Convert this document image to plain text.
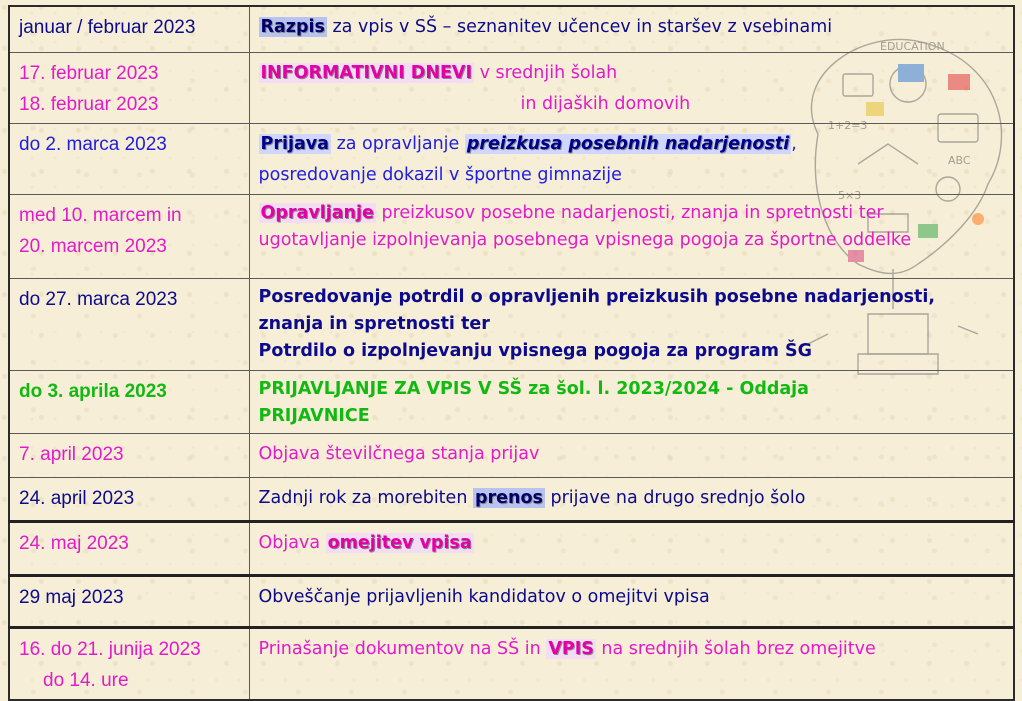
EDUCATION
1+2=3
ABC
5×3
januar / februar 2023	Razpis za vpis v SŠ – seznanitev učencev in staršev z vsebinami

17. februar 2023
18. februar 2023	INFORMATIVNI DNEVI v srednjih šolah
in dijaških domovih

do 2. marca 2023	Prijava za opravljanje preizkusa posebnih nadarjenosti ,
posredovanje dokazil v športne gimnazije

med 10. marcem in
20. marcem 2023	Opravljanje preizkusov posebne nadarjenosti, znanja in spretnosti ter
ugotavljanje izpolnjevanja posebnega vpisnega pogoja za športne oddelke

do 27. marca 2023	Posredovanje potrdil o opravljenih preizkusih posebne nadarjenosti,
znanja in spretnosti ter
Potrdilo o izpolnjevanju vpisnega pogoja za program ŠG

do 3. aprila 2023	PRIJAVLJANJE ZA VPIS V SŠ za šol. l. 2023/2024 - Oddaja
PRIJAVNICE

7. april 2023	Objava številčnega stanja prijav

24. april 2023	Zadnji rok za morebiten prenos prijave na drugo srednjo šolo

24. maj 2023	Objava omejitev vpisa

29 maj 2023	Obveščanje prijavljenih kandidatov o omejitvi vpisa

16. do 21. junija 2023
do 14. ure	Prinašanje dokumentov na SŠ in VPIS na srednjih šolah brez omejitve
